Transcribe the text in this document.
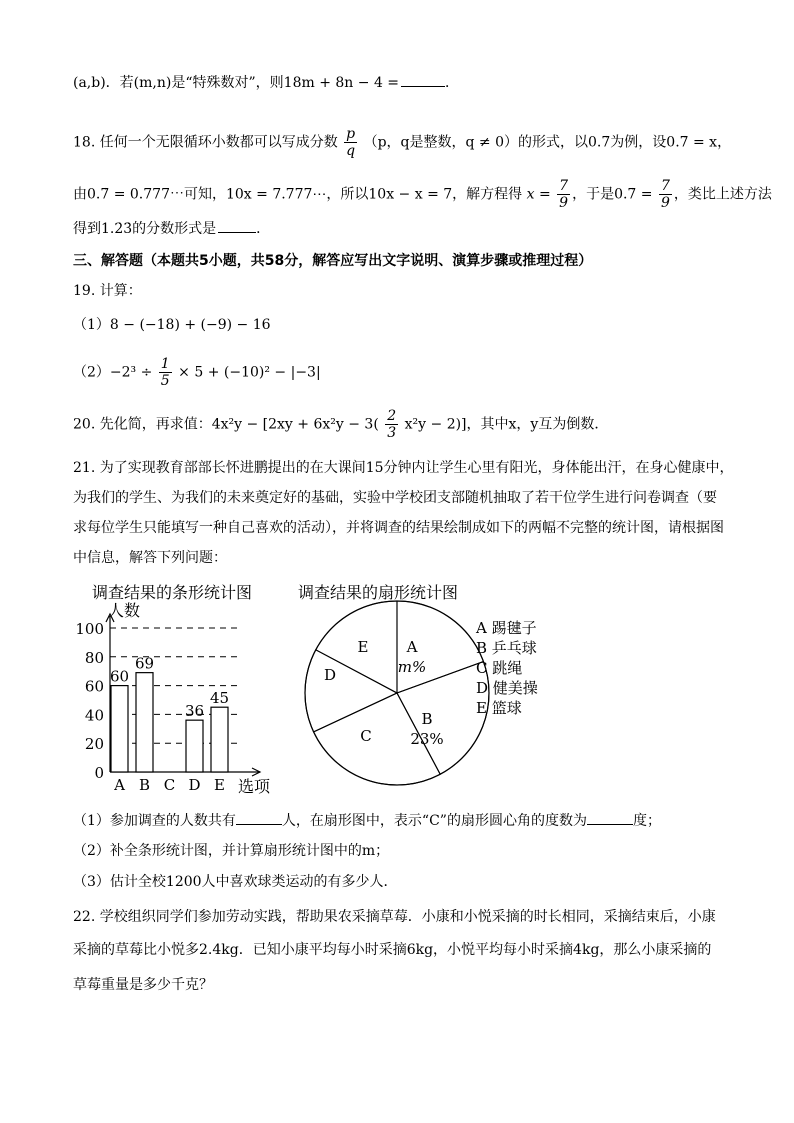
(a,b)．若(m,n)是“特殊数对”，则18m + 8n − 4 =	．
18. 任何一个无限循环小数都可以写成分数 $\frac{p}{q} (p$，q是整数，q ≠ 0）的形式，以0.7̇为例，设0.7̇ = x，
由0.7̇ = 0.777⋯可知，10x = 7.777⋯，所以10x − x = 7，解方程得 $x = \frac{7}{9}$ ，于是0.7̇ = $\frac{7}{9}$ ，类比上述方法
得到1.2̇3̇的分数形式是	．
三、解答题（本题共5小题，共58分，解答应写出文字说明、演算步骤或推理过程）
19. 计算：
（1）8 − (−18) + (−9) − 16
$(2)-2^3 \div \frac{1}{5} \times 5 + (-10)^2 - |-3|$
20. 先化简，再求值：$4x^2y - [2xy + 6x^2y - 3( \frac{2}{3} x^2y - 2)]$，其中x，y互为倒数．
21. 为了实现教育部部长怀进鹏提出的在大课间15分钟内让学生心里有阳光，身体能出汗，在身心健康中，
为我们的学生、为我们的未来奠定好的基础，实验中学校团支部随机抽取了若干位学生进行问卷调查（要
求每位学生只能填写一种自己喜欢的活动），并将调查的结果绘制成如下的两幅不完整的统计图，请根据图
中信息，解答下列问题：
调查结果的条形统计图
人数
选项
0
20
40
60
80
100
60
69
36
45
A B C D E
调查结果的扇形统计图
A
m%
B
23%
C
D
E
A 踢毽子
B 乒乓球
C 跳绳
D 健美操
E 篮球
（1）参加调查的人数共有	人，在扇形图中，表示“C”的扇形圆心角的度数为	度；
（2）补全条形统计图，并计算扇形统计图中的m；
（3）估计全校1200人中喜欢球类运动的有多少人．
22. 学校组织同学们参加劳动实践，帮助果农采摘草莓．小康和小悦采摘的时长相同，采摘结束后，小康
采摘的草莓比小悦多2.4kg．已知小康平均每小时采摘6kg，小悦平均每小时采摘4kg，那么小康采摘的
草莓重量是多少千克？
